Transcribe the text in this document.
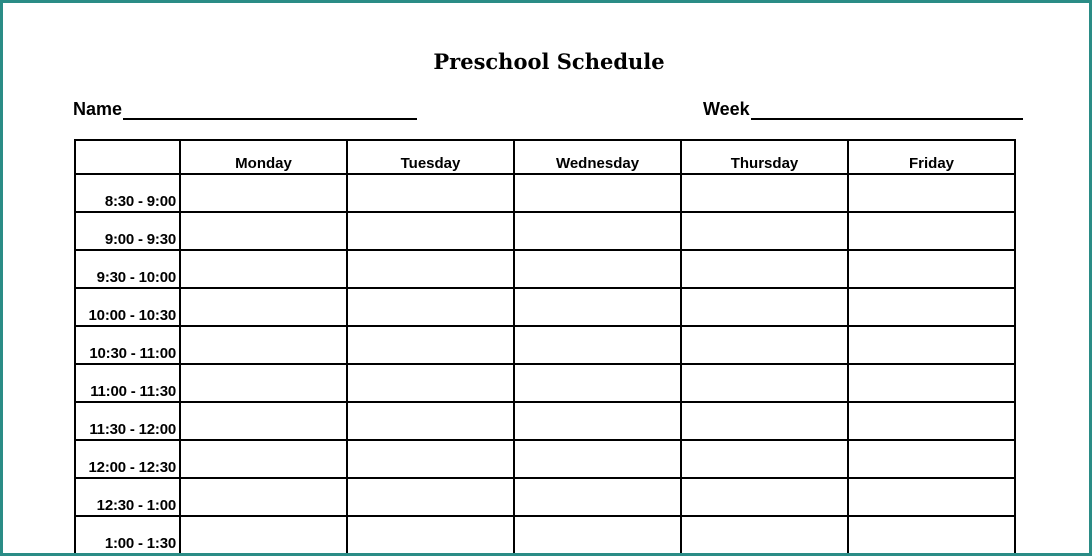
Preschool Schedule
Name	Week
	Monday	Tuesday	Wednesday	Thursday	Friday
8:30 - 9:00					
9:00 - 9:30					
9:30 - 10:00					
10:00 - 10:30					
10:30 - 11:00					
11:00 - 11:30					
11:30 - 12:00					
12:00 - 12:30					
12:30 - 1:00					
1:00 - 1:30					
